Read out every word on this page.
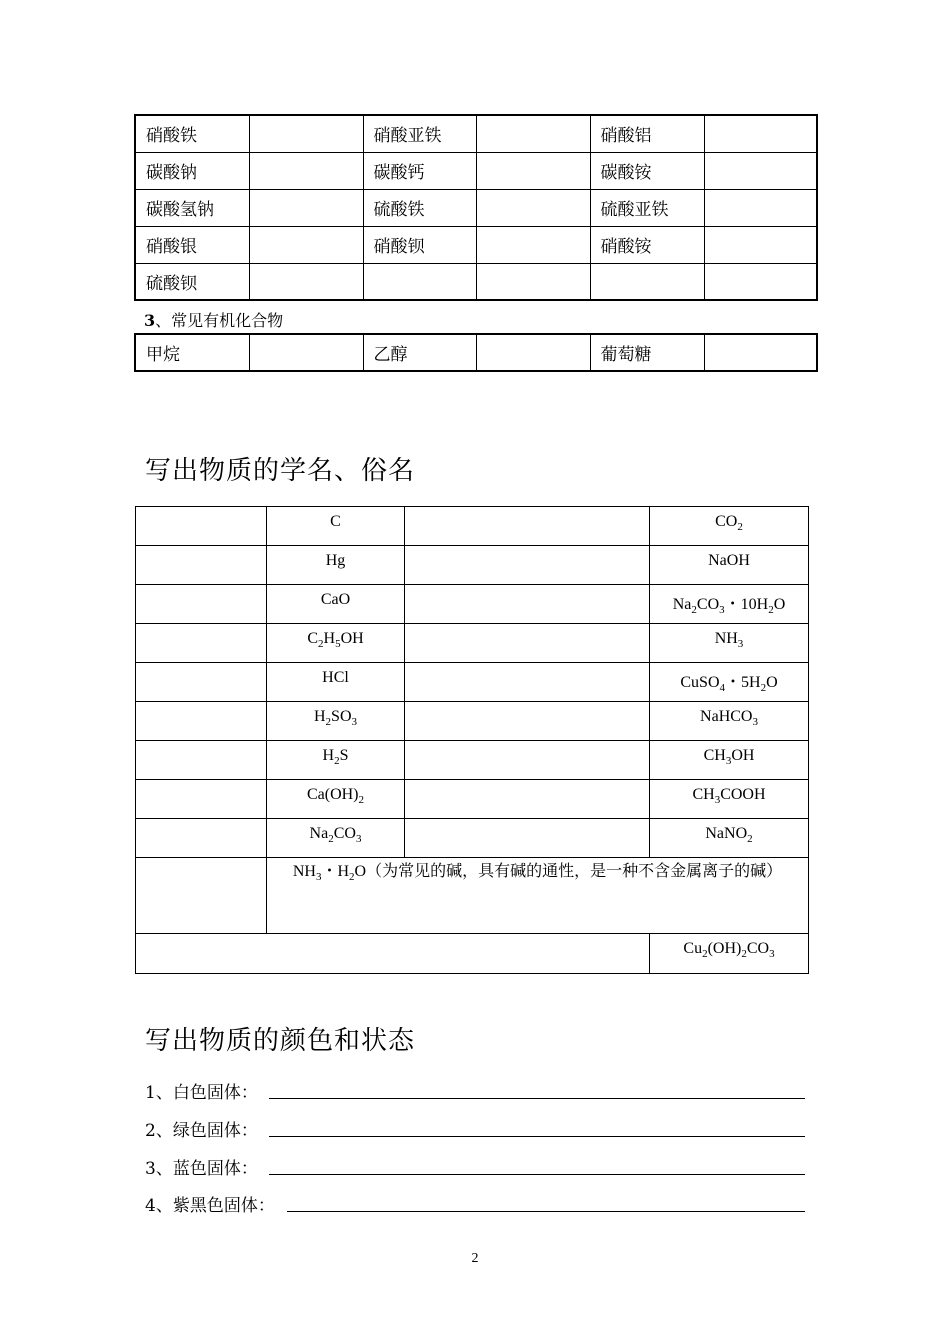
硝酸铁		硝酸亚铁		硝酸铝	
碳酸钠		碳酸钙		碳酸铵	
碳酸氢钠		硫酸铁		硫酸亚铁	
硝酸银		硝酸钡		硝酸铵	
硫酸钡					
3、常见有机化合物
甲烷		乙醇		葡萄糖	
写出物质的学名、俗名
	C		$CO_2$
	Hg		NaOH
	CaO		$Na_2CO_3$・$10H_2O$
	$C_2H_5OH$		$NH_3$
	HCl		CuSO$_4$・$5H_2O$
	$H_2SO_3$		NaHCO$_3$
	$H_2S$		$CH_3OH$
	$Ca(OH)_2$		$CH_3COOH$
	$Na_2CO_3$		NaNO$_2$
	$NH_3$・$H_2O$（为常见的碱，具有碱的通性，是一种不含金属离子的碱）		
			$Cu_2(OH)_2CO_3$
写出物质的颜色和状态
1、白色固体：
2、绿色固体：
3、蓝色固体：
4、紫黑色固体：
2
